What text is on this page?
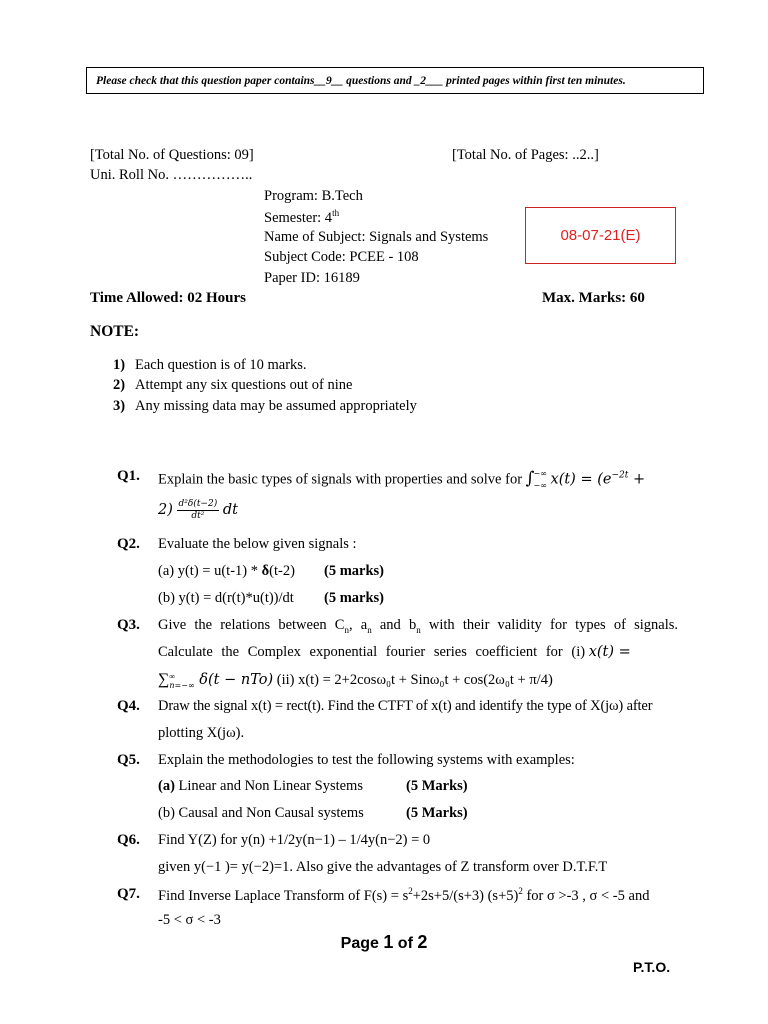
Please check that this question paper contains__9__ questions and _2___ printed pages within first ten minutes.
[Total No. of Questions: 09]	[Total No. of Pages: ..2..]
Uni. Roll No. ……………..
Program: B.Tech
Semester: 4th
Name of Subject: Signals and Systems
Subject Code: PCEE - 108
Paper ID: 16189
08-07-21(E)
Time Allowed: 02 Hours	Max. Marks: 60
NOTE:
1) Each question is of 10 marks.
2) Attempt any six questions out of nine
3) Any missing data may be assumed appropriately
Q1. Explain the basic types of signals with properties and solve for ∫ −∞
−∞ $x(t) = (e^{-2t}$ +
$2) \frac{\text{d²δ(t−2)}}{\text{dt²}}$ dt
Q2. Evaluate the below given signals :
(a) y(t) = u(t-1) * δ(t-2) (5 marks)
(b) y(t) = d(r(t)*u(t))/dt (5 marks)
Q3. Give the relations between $C_n$, $a_n$ and $b_n$ with their validity for types of signals.
Calculate the Complex exponential fourier series coefficient for (i) x(t) =
∑ ∞
n=−∞ δ(t − nTo) (ii) x(t) = 2+2cosω₀t + Sinω₀t + cos(2ω₀t + π/4)
Q4. Draw the signal x(t) = rect(t). Find the CTFT of x(t) and identify the type of X(jω) after
plotting X(jω).
Q5. Explain the methodologies to test the following systems with examples:
(a) Linear and Non Linear Systems	(5 Marks)
(b) Causal and Non Causal systems	(5 Marks)
Q6. Find Y(Z) for y(n) +1/2y(n−1) – 1/4y(n−2) = 0
given y(−1 )= y(−2)=1. Also give the advantages of Z transform over D.T.F.T
Q7. Find Inverse Laplace Transform of $F(s) = s^2+2s+5/(s+3)$ $(s+5)^2$ for σ >-3 , σ < -5 and
-5 < σ < -3
Page 1 of 2
P.T.O.
